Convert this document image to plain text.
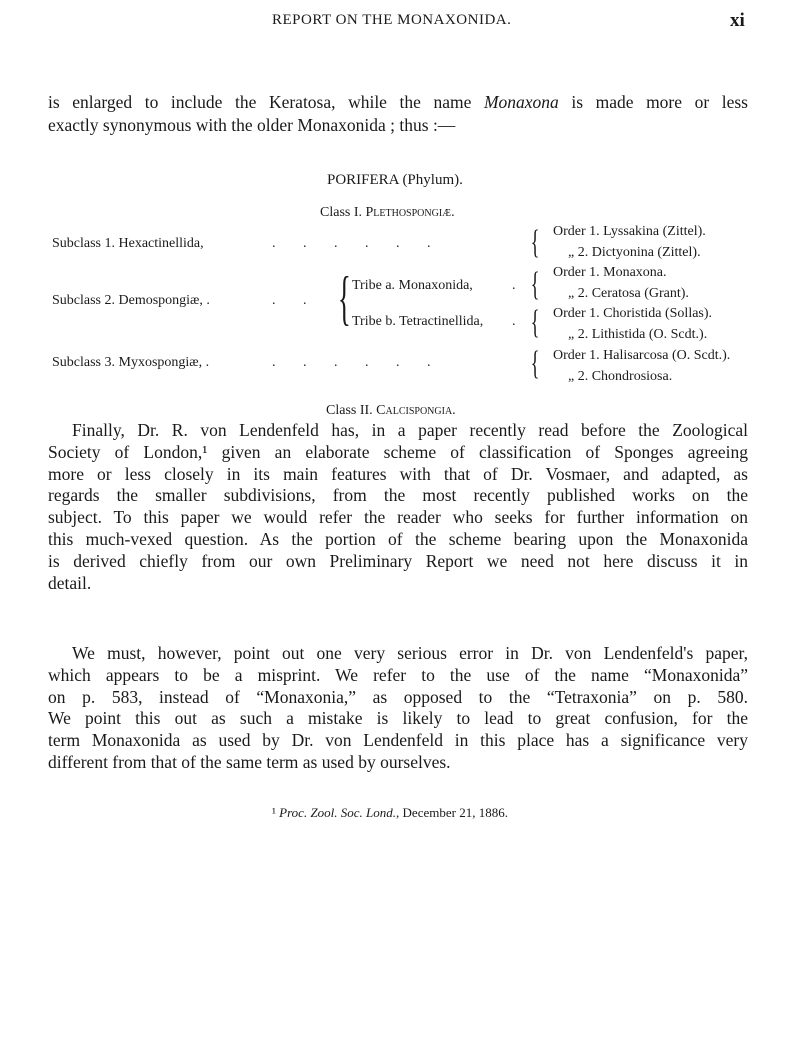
REPORT ON THE MONAXONIDA.	xi
is enlarged to include the Keratosa, while the name Monaxona is made more or less
exactly synonymous with the older Monaxonida ; thus :—
PORIFERA (Phylum).
Class I. Plethospongiæ.
Subclass 1. Hexactinellida,
Subclass 2. Demospongiæ, .
Subclass 3. Myxospongiæ, .
. . . . . .
. .
. . . . . .
{ Tribe a. Monaxonida,
Tribe b. Tetractinellida,
.
.
{
{
{
{
Order 1. Lyssakina (Zittel).
„ 2. Dictyonina (Zittel).
Order 1. Monaxona.
„ 2. Ceratosa (Grant).
Order 1. Choristida (Sollas).
„ 2. Lithistida (O. Scdt.).
Order 1. Halisarcosa (O. Scdt.).
„ 2. Chondrosiosa.
Class II. Calcispongia.
Finally, Dr. R. von Lendenfeld has, in a paper recently read before the Zoological
Society of London,¹ given an elaborate scheme of classification of Sponges agreeing
more or less closely in its main features with that of Dr. Vosmaer, and adapted, as
regards the smaller subdivisions, from the most recently published works on the
subject. To this paper we would refer the reader who seeks for further information on
this much-vexed question. As the portion of the scheme bearing upon the Monaxonida
is derived chiefly from our own Preliminary Report we need not here discuss it in
detail.
We must, however, point out one very serious error in Dr. von Lendenfeld's paper,
which appears to be a misprint. We refer to the use of the name “Monaxonida”
on p. 583, instead of “Monaxonia,” as opposed to the “Tetraxonia” on p. 580.
We point this out as such a mistake is likely to lead to great confusion, for the
term Monaxonida as used by Dr. von Lendenfeld in this place has a significance very
different from that of the same term as used by ourselves.
¹ Proc. Zool. Soc. Lond., December 21, 1886.
